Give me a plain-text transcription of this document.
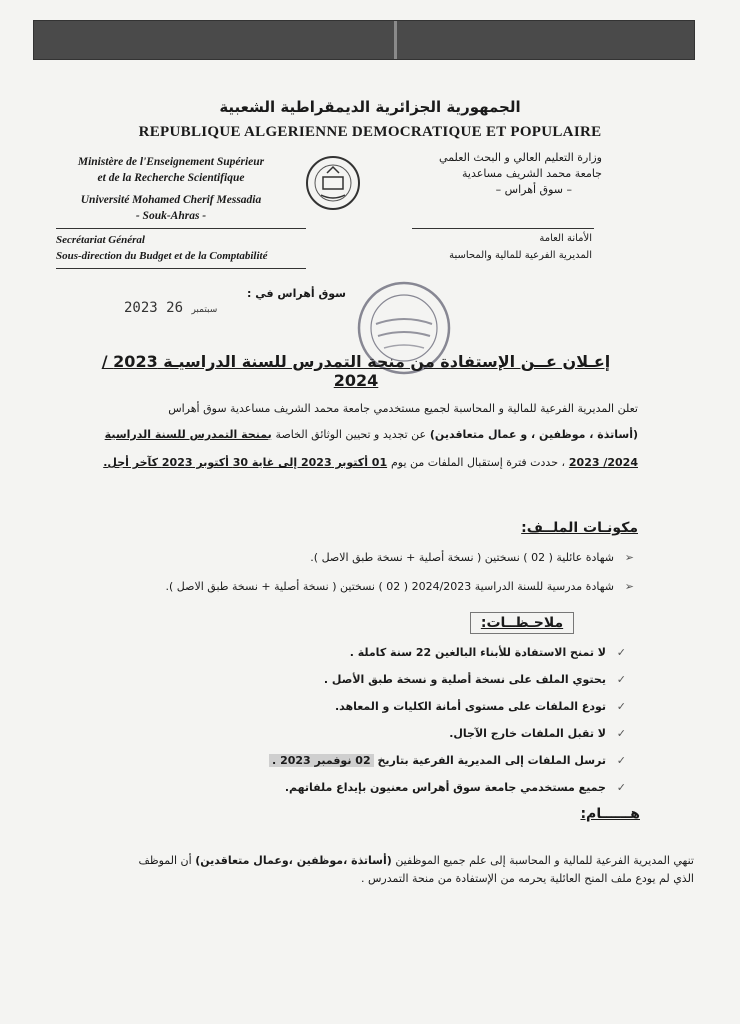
الجمهورية الجزائرية الديمقراطية الشعبية
REPUBLIQUE ALGERIENNE DEMOCRATIQUE ET POPULAIRE
Ministère de l'Enseignement Supérieur
et de la Recherche Scientifique
Université Mohamed Cherif Messadia
- Souk-Ahras -
وزارة التعليم العالي و البحث العلمي
جامعة محمد الشريف مساعدية
– سوق أهراس –
Secrétariat Général
Sous-direction du Budget et de la Comptabilité
الأمانة العامة
المديرية الفرعية للمالية والمحاسبة
سوق أهراس في :
2023	سبتمبر 26
إعـلان عــن الإستفادة من منحة التمدرس للسنة الدراسيـة 2023 / 2024
تعلن المديرية الفرعية للمالية و المحاسبة لجميع مستخدمي جامعة محمد الشريف مساعدية سوق أهراس
(أساتذة ، موظفين ، و عمال متعاقدين) عن تجديد و تحيين الوثائق الخاصة بمنحة التمدرس للسنة الدراسية
2024/ 2023 ، حددت فترة إستقبال الملفات من يوم 01 أكتوبر 2023 إلى غاية 30 أكتوبر 2023 كآخر أجل.
مكونـات الملــف:
➢
شهادة عائلية ( 02 ) نسختين ( نسخة أصلية + نسخة طبق الاصل ).
➢
شهادة مدرسية للسنة الدراسية 2024/2023 ( 02 ) نسختين ( نسخة أصلية + نسخة طبق الاصل ).
ملاحـظــات:
✓
لا تمنح الاستفادة للأبناء البالغين 22 سنة كاملة .
✓
يحتوي الملف على نسخة أصلية و نسخة طبق الأصل .
✓
تودع الملفات على مستوى أمانة الكليات و المعاهد.
✓
لا تقبل الملفات خارج الآجال.
✓
ترسل الملفات إلى المديرية الفرعية بتاريخ 02 نوفمبر 2023 .
✓
جميع مستخدمي جامعة سوق أهراس معنيون بإيداع ملفاتهم.
هــــــام:
تنهي المديرية الفرعية للمالية و المحاسبة إلى علم جميع الموظفين (أساتذة ،موظفين ،وعمال متعاقدين) أن الموظف
الذي لم يودع ملف المنح العائلية يحرمه من الإستفادة من منحة التمدرس .
